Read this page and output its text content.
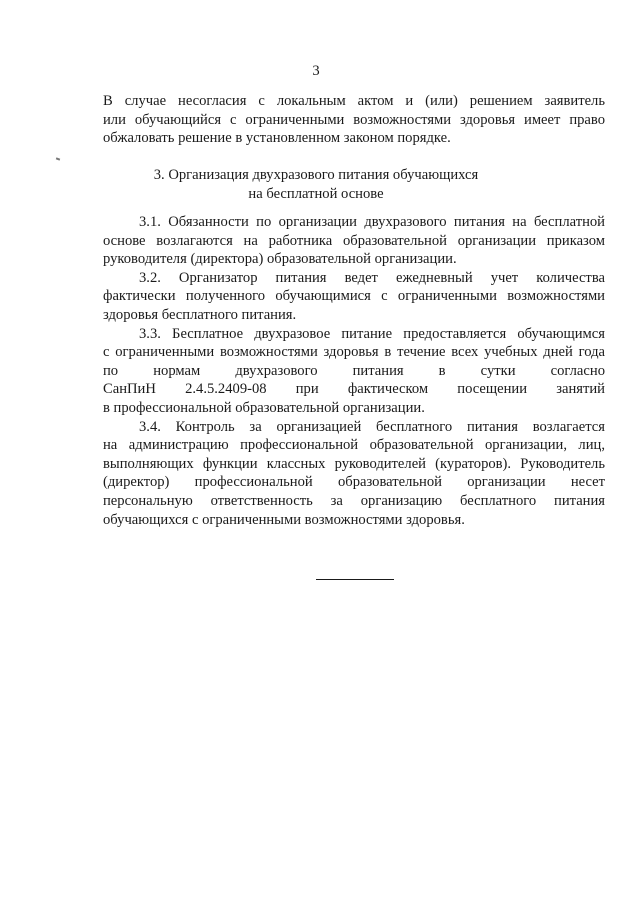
3
В случае несогласия с локальным актом и (или) решением заявитель
или обучающийся с ограниченными возможностями здоровья имеет право
обжаловать решение в установленном законом порядке.
3. Организация двухразового питания обучающихся
на бесплатной основе
3.1. Обязанности по организации двухразового питания на бесплатной
основе возлагаются на работника образовательной организации приказом
руководителя (директора) образовательной организации.
3.2. Организатор питания ведет ежедневный учет количества
фактически полученного обучающимися с ограниченными возможностями
здоровья бесплатного питания.
3.3. Бесплатное двухразовое питание предоставляется обучающимся
с ограниченными возможностями здоровья в течение всех учебных дней года
по нормам двухразового питания в сутки согласно
СанПиН 2.4.5.2409-08 при фактическом посещении занятий
в профессиональной образовательной организации.
3.4. Контроль за организацией бесплатного питания возлагается
на администрацию профессиональной образовательной организации, лиц,
выполняющих функции классных руководителей (кураторов). Руководитель
(директор) профессиональной образовательной организации несет
персональную ответственность за организацию бесплатного питания
обучающихся с ограниченными возможностями здоровья.
